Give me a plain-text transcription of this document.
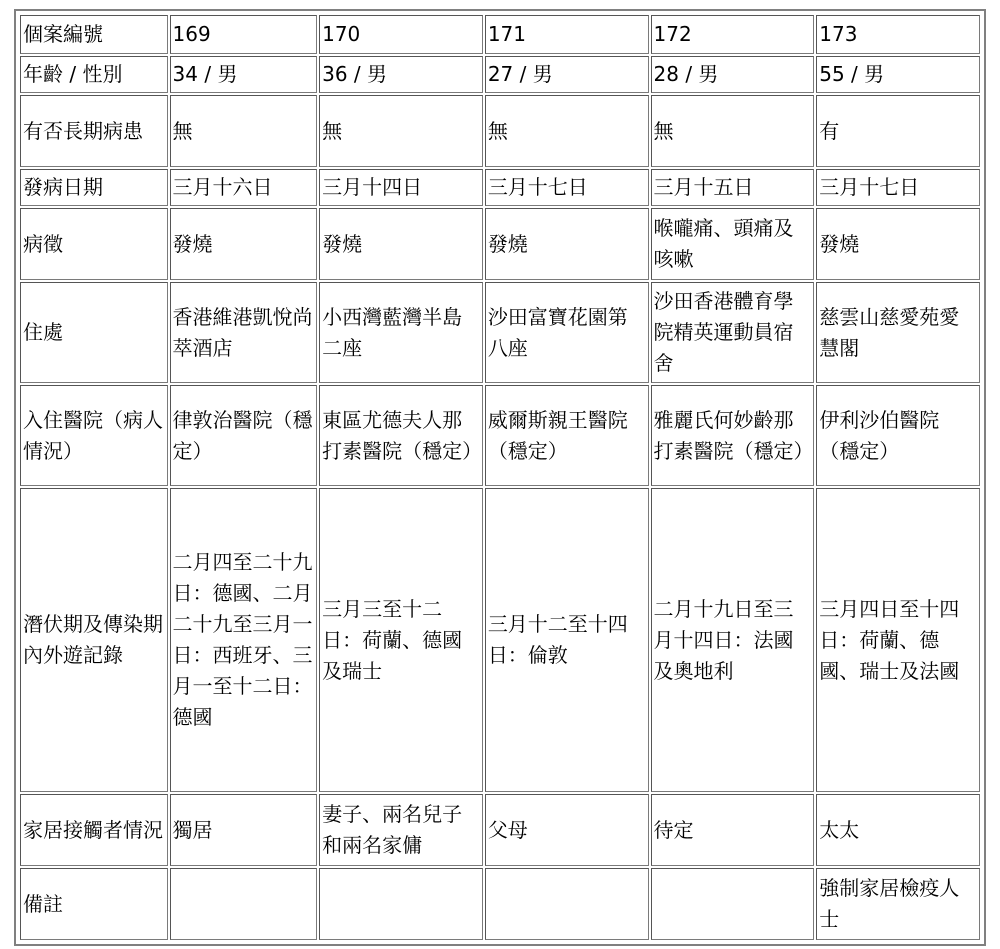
個案編號	169	170	171	172	173
年齡 / 性別	34 / 男	36 / 男	27 / 男	28 / 男	55 / 男
有否長期病患	無	無	無	無	有
發病日期	三月十六日	三月十四日	三月十七日	三月十五日	三月十七日
病徵	發燒	發燒	發燒	喉嚨痛、頭痛及咳嗽	發燒
住處	香港維港凱悅尚萃酒店	小西灣藍灣半島二座	沙田富寶花園第八座	沙田香港體育學院精英運動員宿舍	慈雲山慈愛苑愛慧閣
入住醫院（病人情況）	律敦治醫院（穩定）	東區尤德夫人那打素醫院（穩定）	威爾斯親王醫院（穩定）	雅麗氏何妙齡那打素醫院（穩定）	伊利沙伯醫院（穩定）
潛伏期及傳染期內外遊記錄	二月四至二十九日：德國、二月二十九至三月一日：西班牙、三月一至十二日：德國	三月三至十二日：荷蘭、德國及瑞士	三月十二至十四日：倫敦	二月十九日至三月十四日：法國及奧地利	三月四日至十四日：荷蘭、德國、瑞士及法國
家居接觸者情況	獨居	妻子、兩名兒子和兩名家傭	父母	待定	太太
備註					強制家居檢疫人士
